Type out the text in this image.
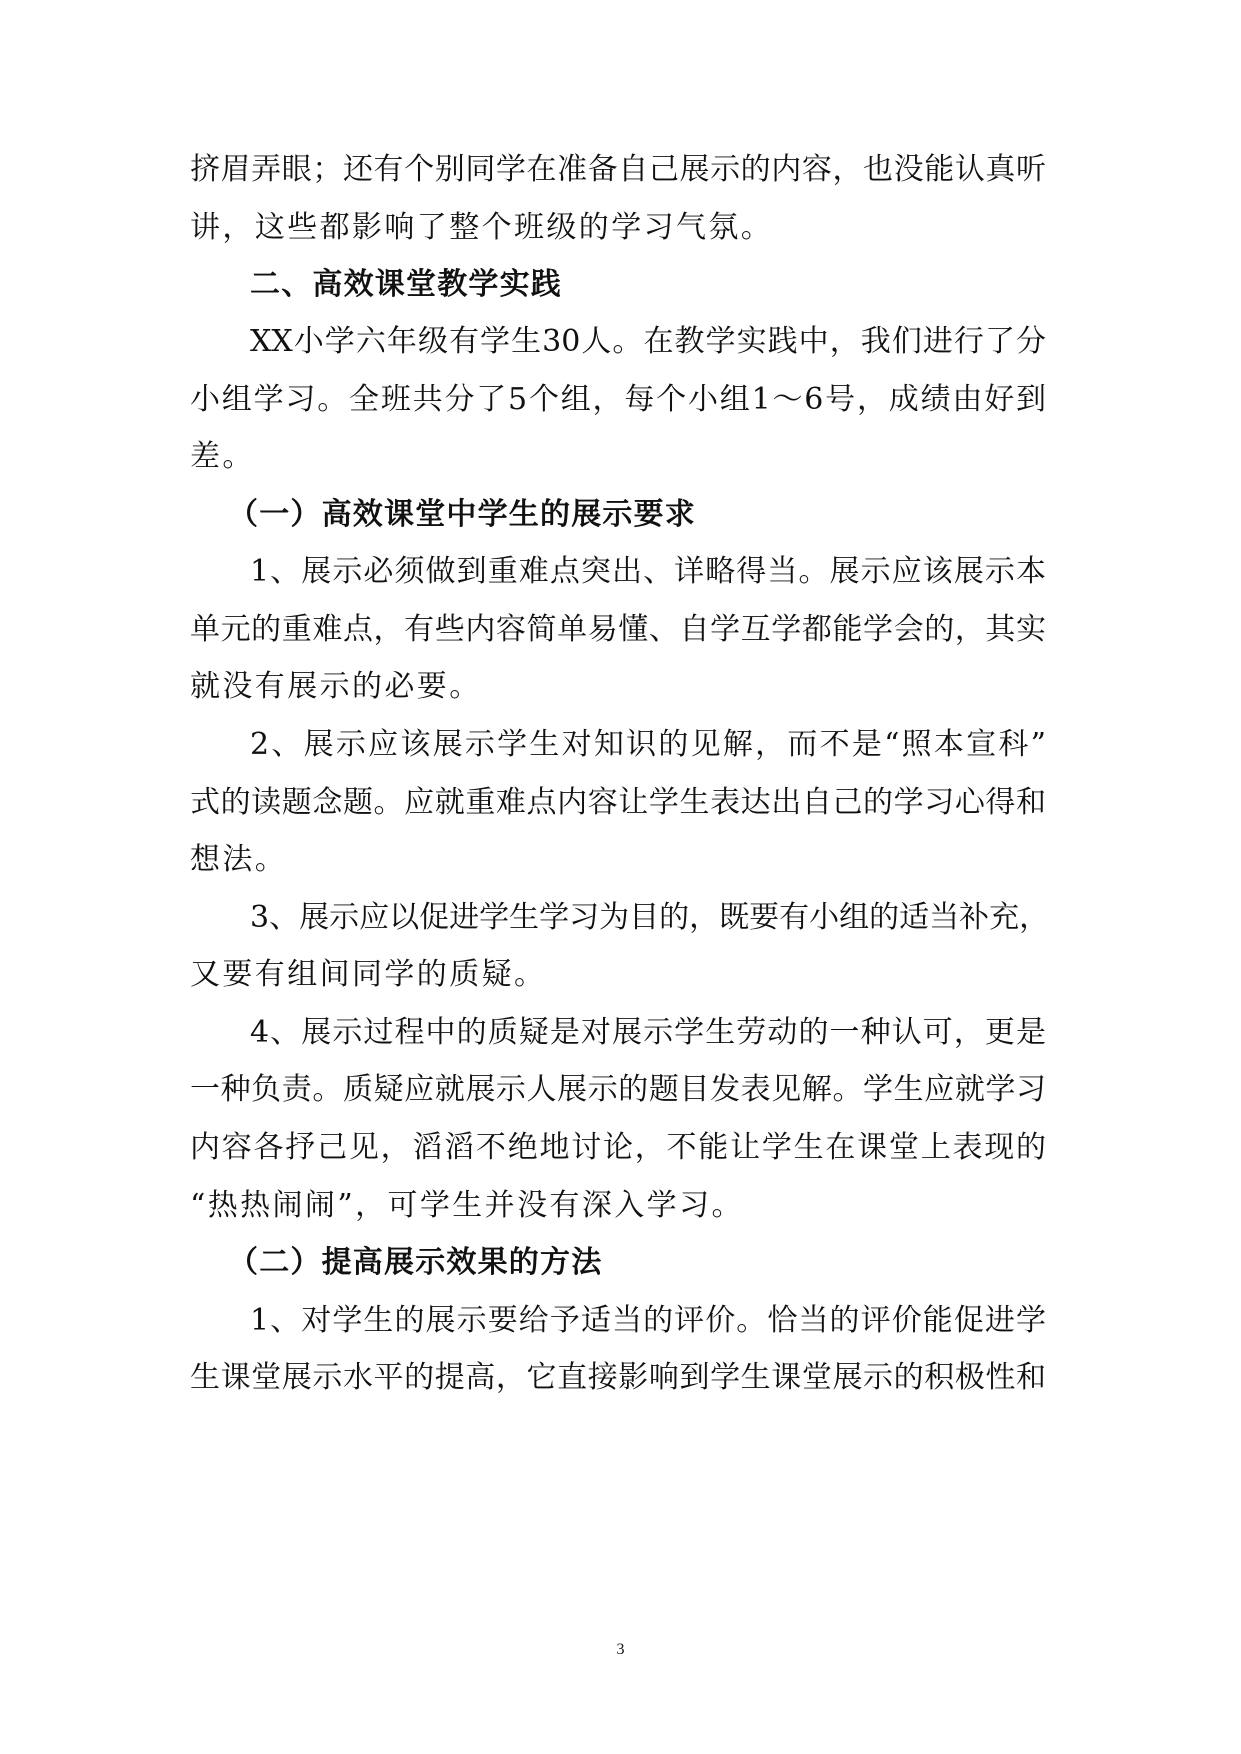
挤眉弄眼；还有个别同学在准备自己展示的内容，也没能认真听
讲，这些都影响了整个班级的学习气氛。
二、高效课堂教学实践
XX小学六年级有学生30人。在教学实践中，我们进行了分
小组学习。全班共分了5个组，每个小组1～6号，成绩由好到
差。
（一）高效课堂中学生的展示要求
1、展示必须做到重难点突出、详略得当。展示应该展示本
单元的重难点，有些内容简单易懂、自学互学都能学会的，其实
就没有展示的必要。
2、展示应该展示学生对知识的见解，而不是“照本宣科”
式的读题念题。应就重难点内容让学生表达出自己的学习心得和
想法。
3、展示应以促进学生学习为目的，既要有小组的适当补充，
又要有组间同学的质疑。
4、展示过程中的质疑是对展示学生劳动的一种认可，更是
一种负责。质疑应就展示人展示的题目发表见解。学生应就学习
内容各抒己见，滔滔不绝地讨论，不能让学生在课堂上表现的
“热热闹闹”，可学生并没有深入学习。
（二）提高展示效果的方法
1、对学生的展示要给予适当的评价。恰当的评价能促进学
生课堂展示水平的提高，它直接影响到学生课堂展示的积极性和
3
